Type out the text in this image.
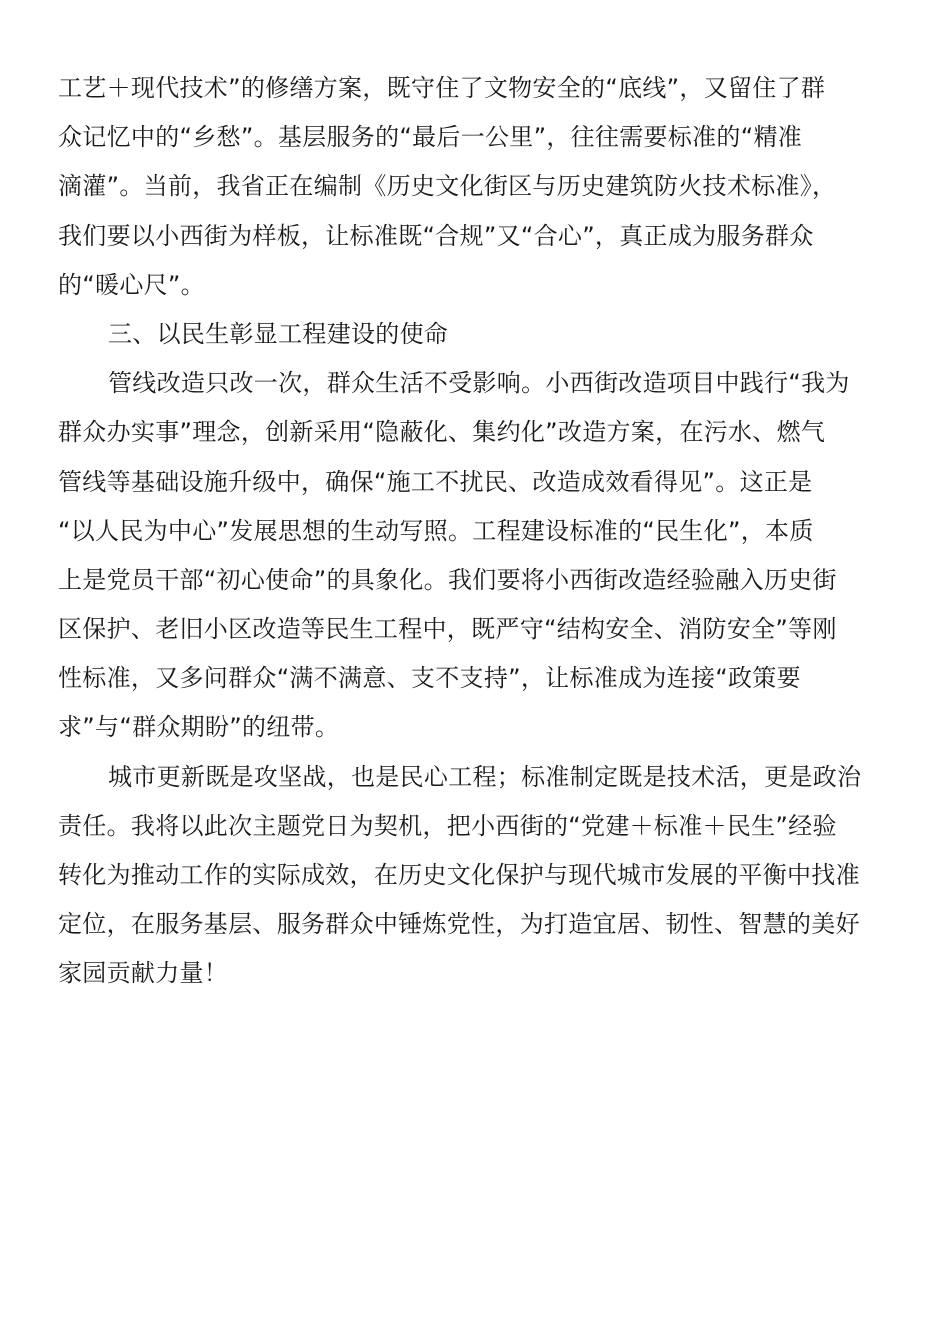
工艺＋现代技术”的修缮方案，既守住了文物安全的“底线”，又留住了群
众记忆中的“乡愁”。基层服务的“最后一公里”，往往需要标准的“精准
滴灌”。当前，我省正在编制《历史文化街区与历史建筑防火技术标准》，
我们要以小西街为样板，让标准既“合规”又“合心”，真正成为服务群众
的“暖心尺”。
三、以民生彰显工程建设的使命
管线改造只改一次，群众生活不受影响。小西街改造项目中践行“我为
群众办实事”理念，创新采用“隐蔽化、集约化”改造方案，在污水、燃气
管线等基础设施升级中，确保“施工不扰民、改造成效看得见”。这正是
“以人民为中心”发展思想的生动写照。工程建设标准的“民生化”，本质
上是党员干部“初心使命”的具象化。我们要将小西街改造经验融入历史街
区保护、老旧小区改造等民生工程中，既严守“结构安全、消防安全”等刚
性标准，又多问群众“满不满意、支不支持”，让标准成为连接“政策要
求”与“群众期盼”的纽带。
城市更新既是攻坚战，也是民心工程；标准制定既是技术活，更是政治
责任。我将以此次主题党日为契机，把小西街的“党建＋标准＋民生”经验
转化为推动工作的实际成效，在历史文化保护与现代城市发展的平衡中找准
定位，在服务基层、服务群众中锤炼党性，为打造宜居、韧性、智慧的美好
家园贡献力量！
